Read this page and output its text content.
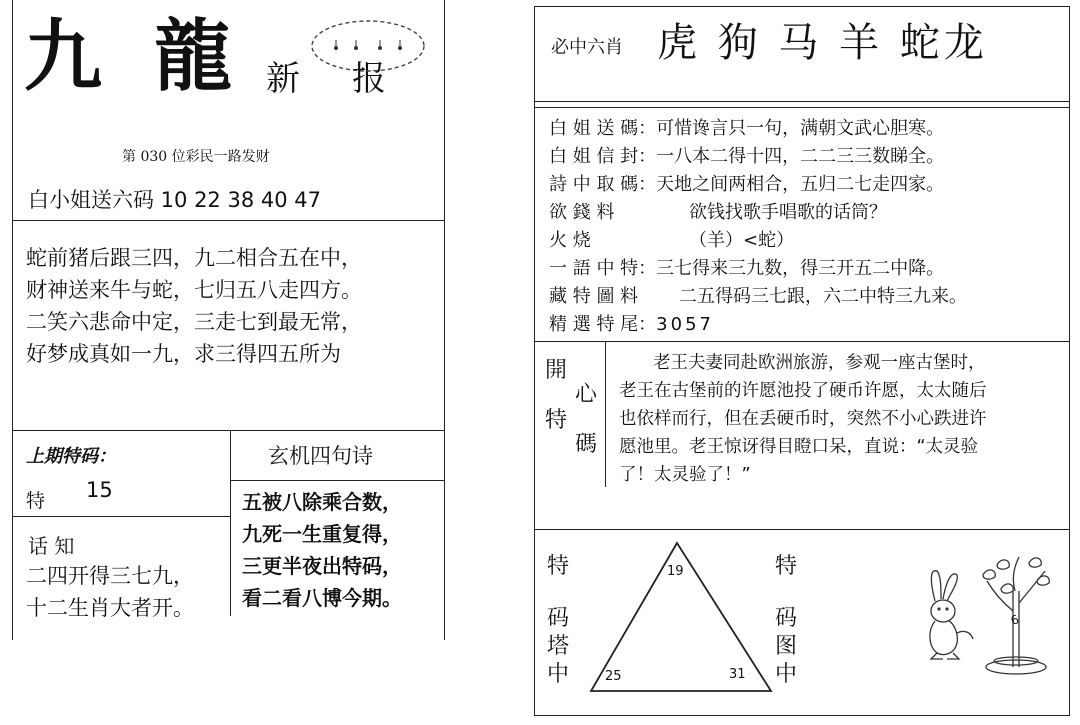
九 龍 新 报
第 030 位彩民一路发财
白小姐送六码 10 22 38 40 47
蛇前猪后跟三四，九二相合五在中，
财神送来牛与蛇，七归五八走四方。
二笑六悲命中定，三走七到最无常，
好梦成真如一九，求三得四五所为
上期特码：
特 15
话 知
二四开得三七九，
十二生肖大者开。
玄机四句诗
五被八除乘合数，
九死一生重复得，
三更半夜出特码，
看二看八博今期。
必中六肖 虎 狗 马 羊 蛇龙
白 姐 送 碼：可惜谗言只一句，满朝文武心胆寒。
白 姐 信 封：一八本二得十四，二二三三数睇全。
詩 中 取 碼：天地之间两相合，五归二七走四家。
欲 錢 料	欲钱找歌手唱歌的话筒？
火 烧	（羊）<蛇）
一 語 中 特：三七得来三九数，得三开五二中降。
藏 特 圖 料 二五得码三七跟，六二中特三九来。
精 選 特 尾：3057
開
心
特
碼
老王夫妻同赴欧洲旅游，参观一座古堡时，
老王在古堡前的许愿池投了硬币许愿，太太随后
也依样而行，但在丢硬币时，突然不小心跌进许
愿池里。老王惊讶得目瞪口呆，直说：“太灵验
了！太灵验了！”
特
码
塔
中
特
码
图
中
19
25	31
6
